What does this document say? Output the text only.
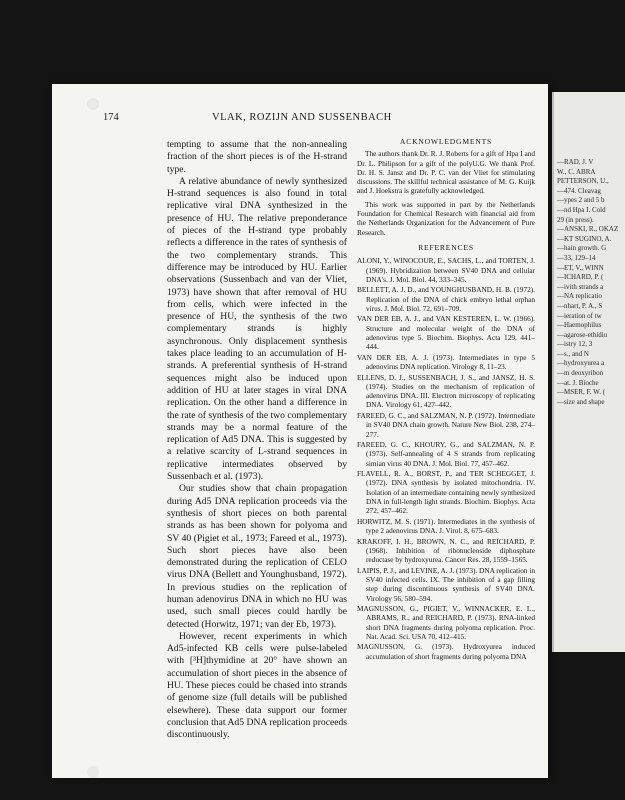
—RAD, J. V
W., C. ABRA
PETTERSON, U.,
—474. Cleavag
—ypes 2 and 5 b
—nd Hpa I. Cold
29 (in press).
—ANSKI, R., OKAZ
—KT SUGINO, A.
—hain growth. G
—33, 129–14
—ET, V., WINN
—ICHARD, P. (
—ivith strands a
—NA replicatio
—nhart, P. A., S
—ieration of tw
—Haemophilus
—agarose-ethidiu
—istry 12, 3
—s., and N
—hydroxyurea a
—m deoxyribon
—at. J. Bioche
—MSER, F. W. (
—size and shape
174	VLAK, ROZIJN AND SUSSENBACH

tempting to assume that the non-annealing fraction of the short pieces is of the H-strand type.

A relative abundance of newly synthesized H-strand sequences is also found in total replicative viral DNA synthesized in the presence of HU. The relative preponderance of pieces of the H-strand type probably reflects a difference in the rates of synthesis of the two complementary strands. This difference may be introduced by HU. Earlier observations (Sussenbach and van der Vliet, 1973) have shown that after removal of HU from cells, which were infected in the presence of HU, the synthesis of the two complementary strands is highly asynchronous. Only displacement synthesis takes place leading to an accumulation of H-strands. A preferential synthesis of H-strand sequences might also be induced upon addition of HU at later stages in viral DNA replication. On the other hand a difference in the rate of synthesis of the two complementary strands may be a normal feature of the replication of Ad5 DNA. This is suggested by a relative scarcity of L-strand sequences in replicative intermediates observed by Sussenbach et al. (1973).

Our studies show that chain propagation during Ad5 DNA replication proceeds via the synthesis of short pieces on both parental strands as has been shown for polyoma and SV 40 (Pigiet et al., 1973; Fareed et al., 1973). Such short pieces have also been demonstrated during the replication of CELO virus DNA (Bellett and Younghusband, 1972). In previous studies on the replication of human adenovirus DNA in which no HU was used, such small pieces could hardly be detected (Horwitz, 1971; van der Eb, 1973).

However, recent experiments in which Ad5-infected KB cells were pulse-labeled with [³H]thymidine at 20° have shown an accumulation of short pieces in the absence of HU. These pieces could be chased into strands of genome size (full details will be published elsewhere). These data support our former conclusion that Ad5 DNA replication proceeds discontinuously.

ACKNOWLEDGMENTS

The authors thank Dr. R. J. Roberts for a gift of Hpa I and Dr. L. Philipson for a gift of the polyU.G. We thank Prof. Dr. H. S. Jansz and Dr. P. C. van der Vliet for stimulating discussions. The skillful technical assistance of M. G. Kuijk and J. Hoekstra is gratefully acknowledged.

This work was supported in part by the Netherlands Foundation for Chemical Research with financial aid from the Netherlands Organization for the Advancement of Pure Research.

REFERENCES

ALONI, Y., WINOCOUR, E., SACHS, L., and TORTEN, J. (1969). Hybridization between SV40 DNA and cellular DNA's. J. Mol. Biol. 44, 333–345.

BELLETT, A. J. D., and YOUNGHUSBAND, H. B. (1972). Replication of the DNA of chick embryo lethal orphan virus. J. Mol. Biol. 72, 691–709.

VAN DER EB, A. J., and VAN KESTEREN, L. W. (1966). Structure and molecular weight of the DNA of adenovirus type 5. Biochim. Biophys. Acta 129, 441–444.

VAN DER EB, A. J. (1973). Intermediates in type 5 adenovirus DNA replication. Virology 8, 11–23.

ELLENS, D. J., SUSSENBACH, J. S., and JANSZ, H. S. (1974). Studies on the mechanism of replication of adenovirus DNA. III. Electron microscopy of replicating DNA. Virology 61, 427–442.

FAREED, G. C., and SALZMAN, N. P. (1972). Intermediate in SV40 DNA chain growth. Nature New Biol. 238, 274–277.

FAREED, G. C., KHOURY, G., and SALZMAN, N. P. (1973). Self-annealing of 4 S strands from replicating simian virus 40 DNA. J. Mol. Biol. 77, 457–462.

FLAVELL, R. A., BORST, P., and TER SCHEGGET, J. (1972). DNA synthesis by isolated mitochondria. IV. Isolation of an intermediate containing newly synthesized DNA in full-length light strands. Biochim. Biophys. Acta 272, 457–462.

HORWITZ, M. S. (1971). Intermediates in the synthesis of type 2 adenovirus DNA. J. Virol. 8, 675–683.

KRAKOFF, I. H., BROWN, N. C., and REICHARD, P. (1968). Inhibition of ribonucleoside diphosphate reductase by hydroxyurea. Cancer Res. 28, 1559–1565.

LAIPIS, P. J., and LEVINE, A. J. (1973). DNA replication in SV40 infected cells. IX. The inhibition of a gap filling step during discontinuous synthesis of SV40 DNA. Virology 56, 580–594.

MAGNUSSON, G., PIGIET, V., WINNACKER, E. L., ABRAMS, R., and REICHARD, P. (1973). RNA-linked short DNA fragments during polyoma replication. Proc. Nat. Acad. Sci. USA 70, 412–415.

MAGNUSSON, G. (1973). Hydroxyurea induced accumulation of short fragments during polyoma DNA
